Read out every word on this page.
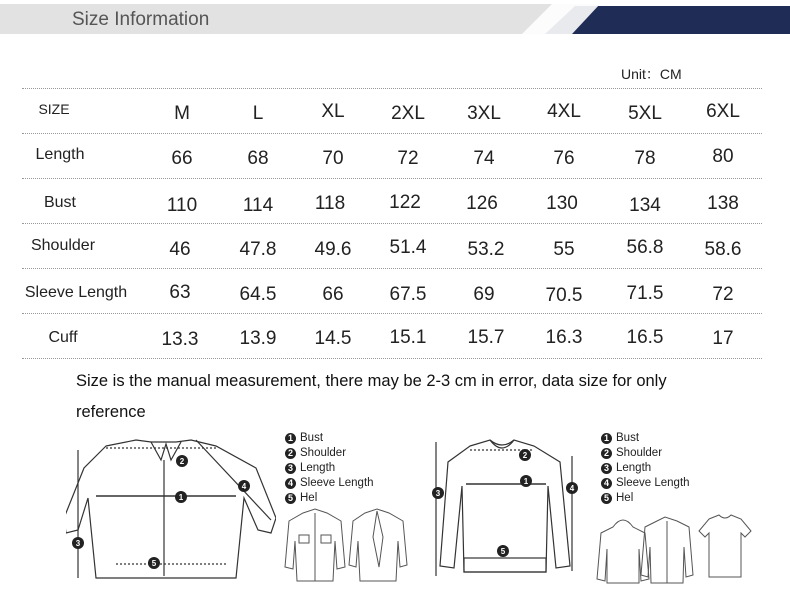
Size Information
Unit：CM
SIZE	M	L	XL	2XL	3XL	4XL	5XL	6XL
Length	66	68	70	72	74	76	78	80
Bust	110	114	118	122	126	130	134	138
Shoulder	46	47.8	49.6	51.4	53.2	55	56.8	58.6
Sleeve Length	63	64.5	66	67.5	69	70.5	71.5	72
Cuff	13.3	13.9	14.5	15.1	15.7	16.3	16.5	17
Size is the manual measurement, there may be 2-3 cm in error, data size for only
reference
2
1
4
3
5
1 Bust
2 Shoulder
3 Length
4 Sleeve Length
5 Hel
2
1
4
3
5
1 Bust
2 Shoulder
3 Length
4 Sleeve Length
5 Hel
